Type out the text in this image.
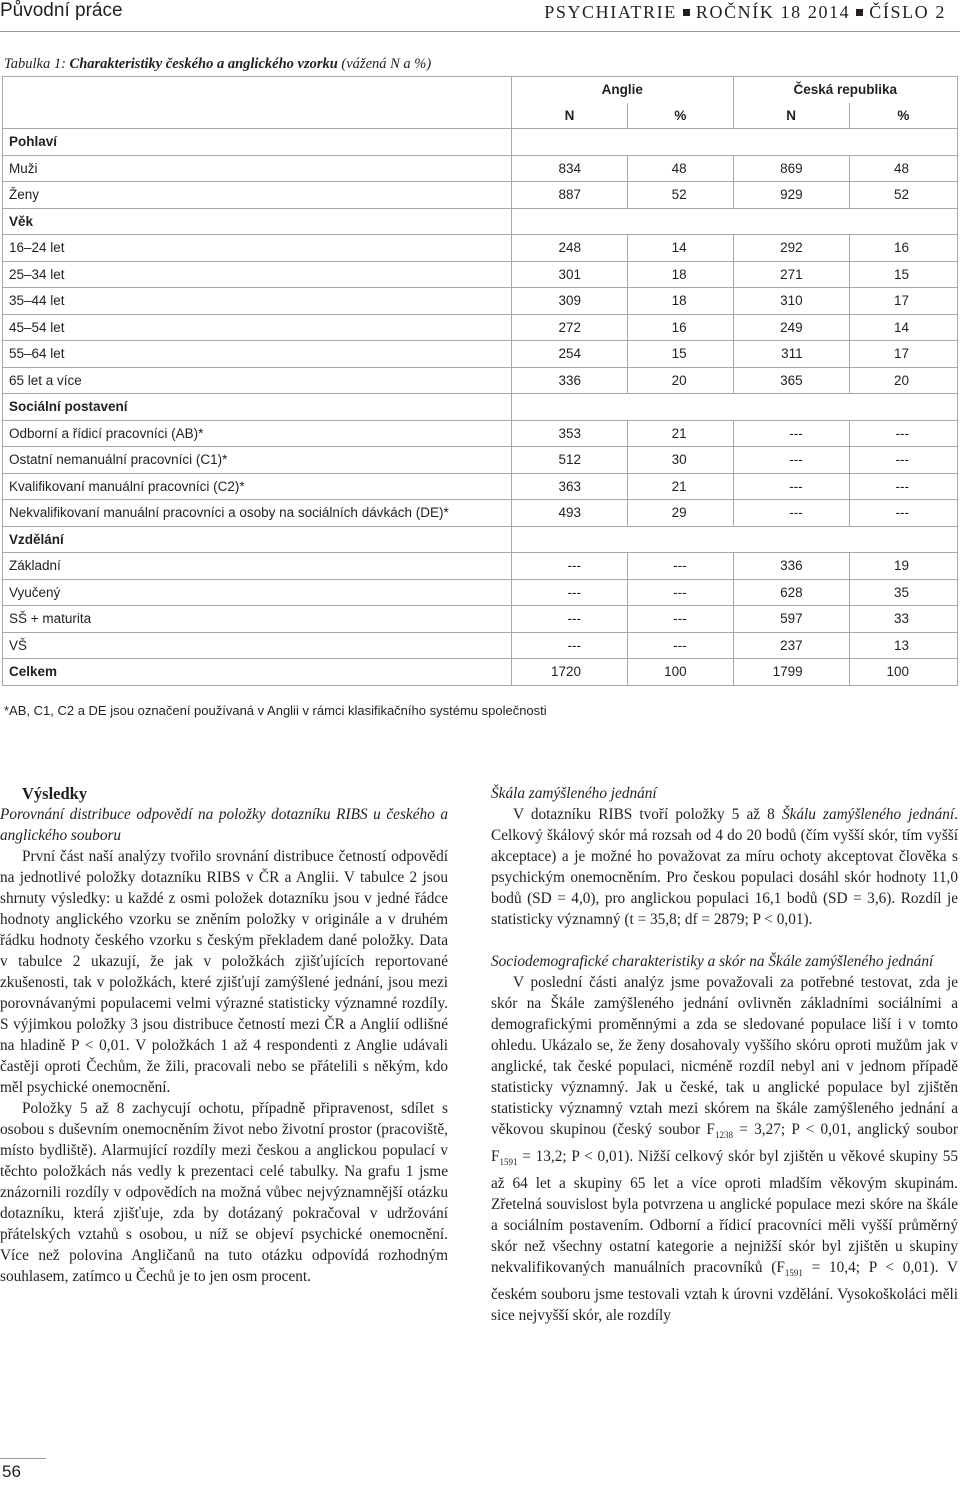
Původní práce	PSYCHIATRIE ROČNÍK 18 2014 ČÍSLO 2
Tabulka 1: Charakteristiky českého a anglického vzorku (vážená N a %)
	Anglie		Česká republika	
	N	%	N	%
Pohlaví				
Muži	834	48	869	48
Ženy	887	52	929	52
Věk				
16–24 let	248	14	292	16
25–34 let	301	18	271	15
35–44 let	309	18	310	17
45–54 let	272	16	249	14
55–64 let	254	15	311	17
65 let a více	336	20	365	20
Sociální postavení				
Odborní a řídicí pracovníci (AB)*	353	21	---	---
Ostatní nemanuální pracovníci (C1)*	512	30	---	---
Kvalifikovaní manuální pracovníci (C2)*	363	21	---	---
Nekvalifikovaní manuální pracovníci a osoby na sociálních dávkách (DE)*	493	29	---	---
Vzdělání				
Základní	---	---	336	19
Vyučený	---	---	628	35
SŠ + maturita	---	---	597	33
VŠ	---	---	237	13
Celkem	1720	100	1799	100
*AB, C1, C2 a DE jsou označení používaná v Anglii v rámci klasifikačního systému společnosti

Výsledky

Porovnání distribuce odpovědí na položky dotazníku RIBS u českého a anglického souboru

První část naší analýzy tvořilo srovnání distribuce četností odpovědí na jednotlivé položky dotazníku RIBS v ČR a Anglii. V tabulce 2 jsou shrnuty výsledky: u každé z osmi položek dotazníku jsou v jedné řádce hodnoty anglického vzorku se zněním položky v originále a v druhém řádku hodnoty českého vzorku s českým překladem dané položky. Data v tabulce 2 ukazují, že jak v položkách zjišťujících reportované zkušenosti, tak v položkách, které zjišťují zamýšlené jednání, jsou mezi porovnávanými populacemi velmi výrazné statisticky významné rozdíly. S výjimkou položky 3 jsou distribuce četností mezi ČR a Anglií odlišné na hladině P < 0,01. V položkách 1 až 4 respondenti z Anglie udávali častěji oproti Čechům, že žili, pracovali nebo se přátelili s někým, kdo měl psychické onemocnění.

Položky 5 až 8 zachycují ochotu, případně připravenost, sdílet s osobou s duševním onemocněním život nebo životní prostor (pracoviště, místo bydliště). Alarmující rozdíly mezi českou a anglickou populací v těchto položkách nás vedly k prezentaci celé tabulky. Na grafu 1 jsme znázornili rozdíly v odpovědích na možná vůbec nejvýznamnější otázku dotazníku, která zjišťuje, zda by dotázaný pokračoval v udržování přátelských vztahů s osobou, u níž se objeví psychické onemocnění. Více než polovina Angličanů na tuto otázku odpovídá rozhodným souhlasem, zatímco u Čechů je to jen osm procent.

Škála zamýšleného jednání

V dotazníku RIBS tvoří položky 5 až 8 Škálu zamýšleného jednání. Celkový škálový skór má rozsah od 4 do 20 bodů (čím vyšší skór, tím vyšší akceptace) a je možné ho považovat za míru ochoty akceptovat člověka s psychickým onemocněním. Pro českou populaci dosáhl skór hodnoty 11,0 bodů (SD = 4,0), pro anglickou populaci 16,1 bodů (SD = 3,6). Rozdíl je statisticky významný (t = 35,8; df = 2879; P < 0,01).

Sociodemografické charakteristiky a skór na Škále zamýšleného jednání

V poslední části analýz jsme považovali za potřebné testovat, zda je skór na Škále zamýšleného jednání ovlivněn základními sociálními a demografickými proměnnými a zda se sledované populace liší i v tomto ohledu. Ukázalo se, že ženy dosahovaly vyššího skóru oproti mužům jak v anglické, tak české populaci, nicméně rozdíl nebyl ani v jednom případě statisticky významný. Jak u české, tak u anglické populace byl zjištěn statisticky významný vztah mezi skórem na škále zamýšleného jednání a věkovou skupinou (český soubor $F_{1238} = 3,27$; P < 0,01, anglický soubor $F_{1591} = 13,2$; P < 0,01). Nižší celkový skór byl zjištěn u věkové skupiny 55 až 64 let a skupiny 65 let a více oproti mladším věkovým skupinám. Zřetelná souvislost byla potvrzena u anglické populace mezi skóre na škále a sociálním postavením. Odborní a řídicí pracovníci měli vyšší průměrný skór než všechny ostatní kategorie a nejnižší skór byl zjištěn u skupiny nekvalifikovaných manuálních pracovníků ($F_{1591} = 10,4$; P < 0,01). V českém souboru jsme testovali vztah k úrovni vzdělání. Vysokoškoláci měli sice nejvyšší skór, ale rozdíly

56
